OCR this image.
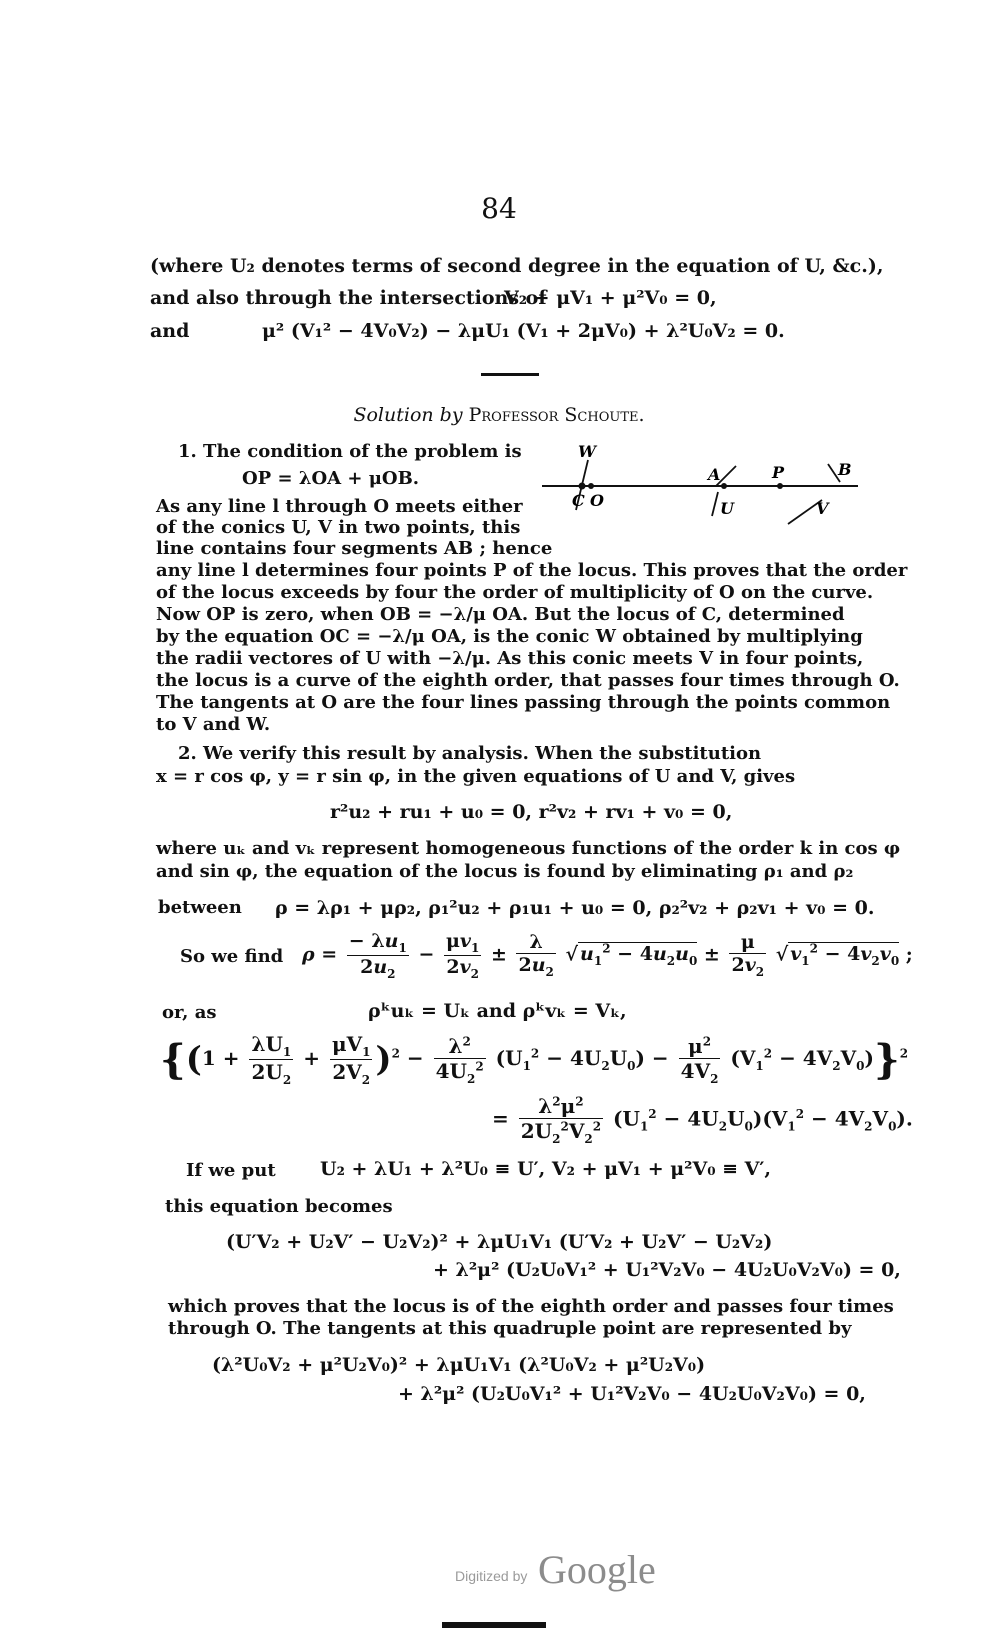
84
(where U₂ denotes terms of second degree in the equation of U, &c.),
and also through the intersections of
V₂ + μV₁ + μ²V₀ = 0,
and	μ² (V₁² − 4V₀V₂) − λμU₁ (V₁ + 2μV₀) + λ²U₀V₂ = 0.
Solution by Professor Schoute.
1. The condition of the problem is
OP = λOA + μOB.
As any line l through O meets either
of the conics U, V in two points, this
line contains four segments AB ; hence
W
C O
A
U
P	B
V
any line l determines four points P of the locus. This proves that the order
of the locus exceeds by four the order of multiplicity of O on the curve.
Now OP is zero, when OB = −λ/μ OA. But the locus of C, determined
by the equation OC = −λ/μ OA, is the conic W obtained by multiplying
the radii vectores of U with −λ/μ. As this conic meets V in four points,
the locus is a curve of the eighth order, that passes four times through O.
The tangents at O are the four lines passing through the points common
to V and W.
2. We verify this result by analysis. When the substitution
x = r cos φ, y = r sin φ, in the given equations of U and V, gives
r²u₂ + ru₁ + u₀ = 0, r²v₂ + rv₁ + v₀ = 0,
where uₖ and vₖ represent homogeneous functions of the order k in cos φ
and sin φ, the equation of the locus is found by eliminating ρ₁ and ρ₂
between ρ = λρ₁ + μρ₂, ρ₁²u₂ + ρ₁u₁ + u₀ = 0, ρ₂²v₂ + ρ₂v₁ + v₀ = 0.
So we find $\rho = \frac{- \lambda u_1}{2u_2} - \frac{\mu v_1}{2v_2} \pm \frac{\lambda}{2u_2}$ √ $u_1^2 - 4u_2u_0 \pm \frac{\mu}{2v_2}$ √ $v_1^2 - 4v_2v_0$ ;
or, as	ρᵏuₖ = Uₖ and ρᵏvₖ = Vₖ,
$\{(1 + \frac{\lambda U_1}{2U_2} + \frac{\mu V_1}{2V_2} )^2 - \frac{\lambda^2}{4U_2^2} (U_1^2 - 4U_2U_0) - \frac{\mu^2}{4V_2} (V_1^2 - 4V_2V_0)\}^2$
= $\frac{\lambda^2\mu^2}{2U_2^2V_2^2} (U_1^2 - 4U_2U_0)(V_1^2 - 4V_2V_0)$.
If we put U₂ + λU₁ + λ²U₀ ≡ U′, V₂ + μV₁ + μ²V₀ ≡ V′,
this equation becomes
(U′V₂ + U₂V′ − U₂V₂)² + λμU₁V₁ (U′V₂ + U₂V′ − U₂V₂)
+ λ²μ² (U₂U₀V₁² + U₁²V₂V₀ − 4U₂U₀V₂V₀) = 0,
which proves that the locus is of the eighth order and passes four times
through O. The tangents at this quadruple point are represented by
(λ²U₀V₂ + μ²U₂V₀)² + λμU₁V₁ (λ²U₀V₂ + μ²U₂V₀)
+ λ²μ² (U₂U₀V₁² + U₁²V₂V₀ − 4U₂U₀V₂V₀) = 0,
Digitized by Google
